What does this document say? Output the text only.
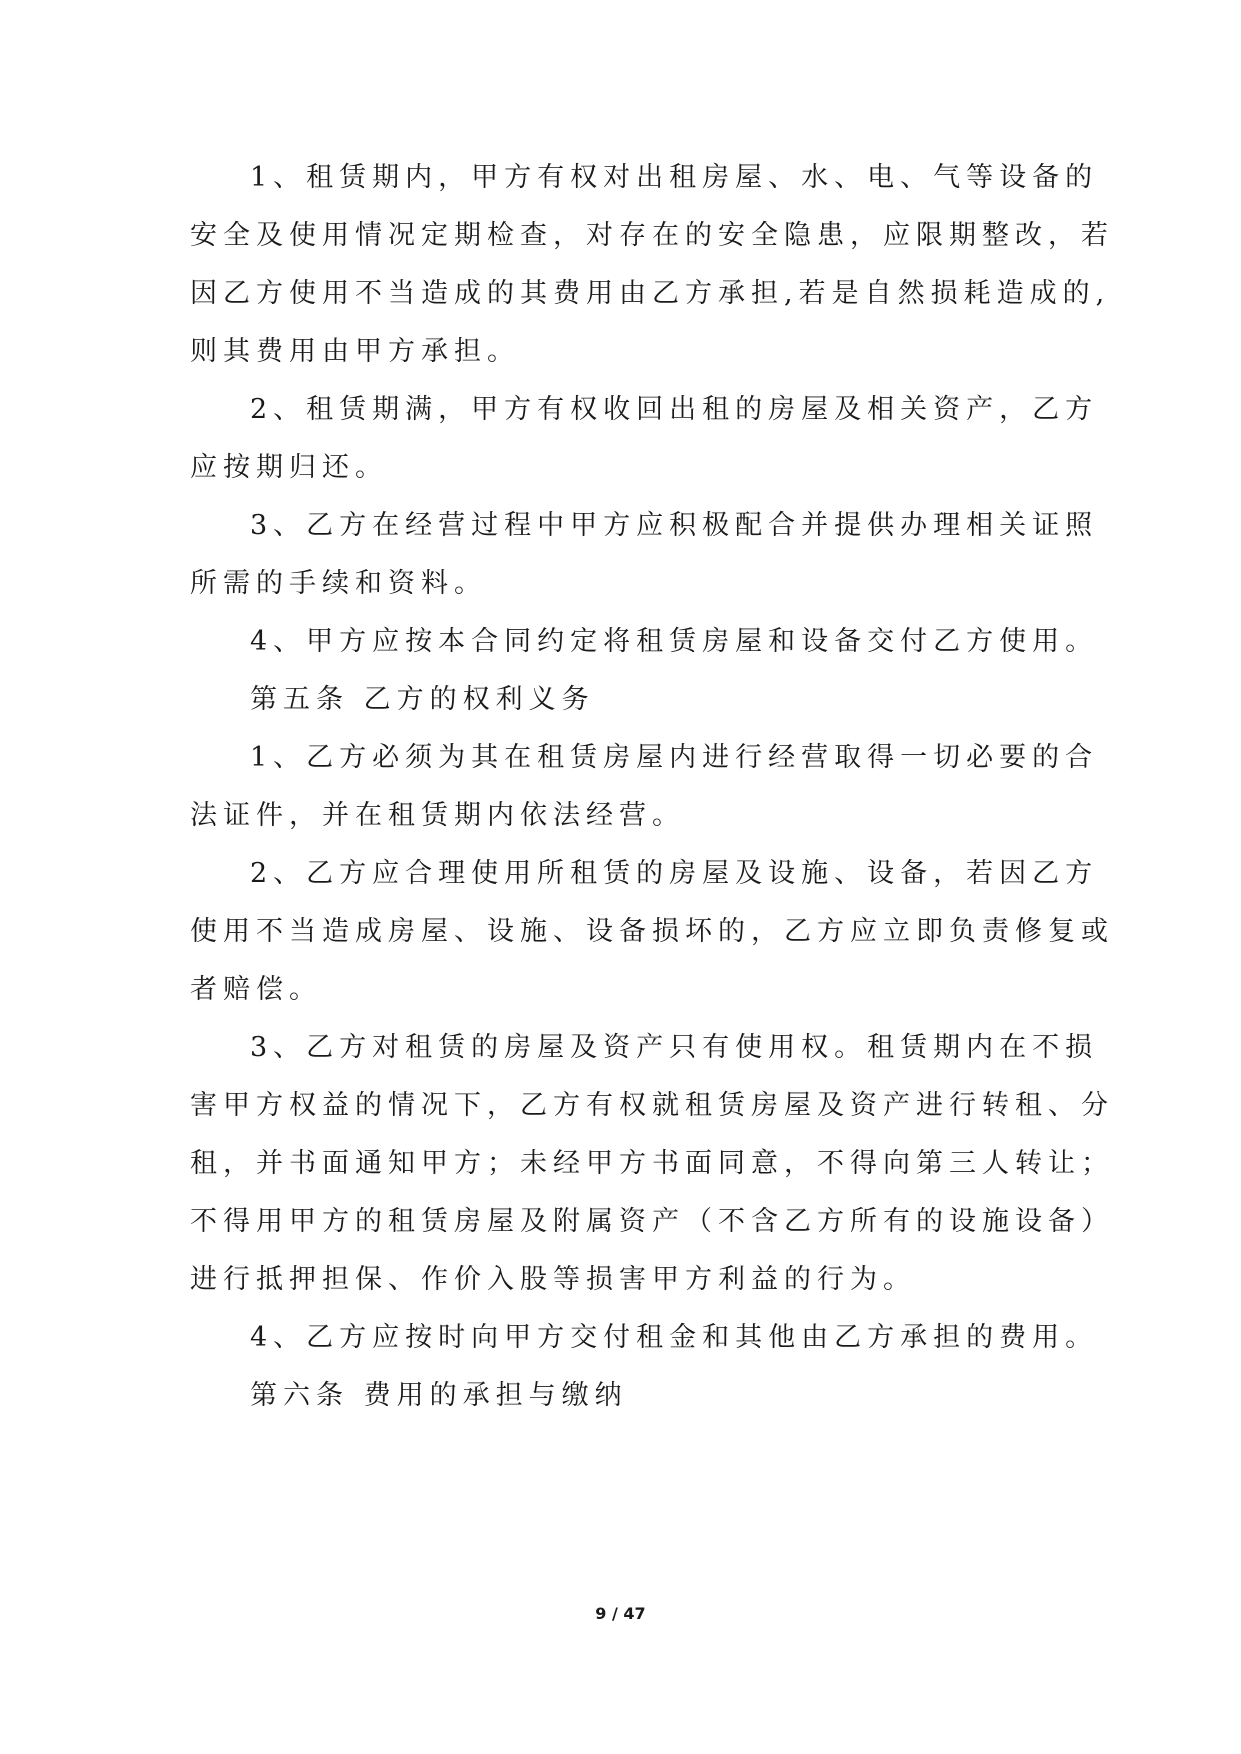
1、租赁期内，甲方有权对出租房屋、水、电、气等设备的
安全及使用情况定期检查，对存在的安全隐患，应限期整改，若
因乙方使用不当造成的其费用由乙方承担,若是自然损耗造成的,
则其费用由甲方承担。
2、租赁期满，甲方有权收回出租的房屋及相关资产，乙方
应按期归还。
3、乙方在经营过程中甲方应积极配合并提供办理相关证照
所需的手续和资料。
4、甲方应按本合同约定将租赁房屋和设备交付乙方使用。
第五条 乙方的权利义务
1、乙方必须为其在租赁房屋内进行经营取得一切必要的合
法证件，并在租赁期内依法经营。
2、乙方应合理使用所租赁的房屋及设施、设备，若因乙方
使用不当造成房屋、设施、设备损坏的，乙方应立即负责修复或
者赔偿。
3、乙方对租赁的房屋及资产只有使用权。租赁期内在不损
害甲方权益的情况下，乙方有权就租赁房屋及资产进行转租、分
租，并书面通知甲方；未经甲方书面同意，不得向第三人转让；
不得用甲方的租赁房屋及附属资产（不含乙方所有的设施设备）
进行抵押担保、作价入股等损害甲方利益的行为。
4、乙方应按时向甲方交付租金和其他由乙方承担的费用。
第六条 费用的承担与缴纳
9 / 47
